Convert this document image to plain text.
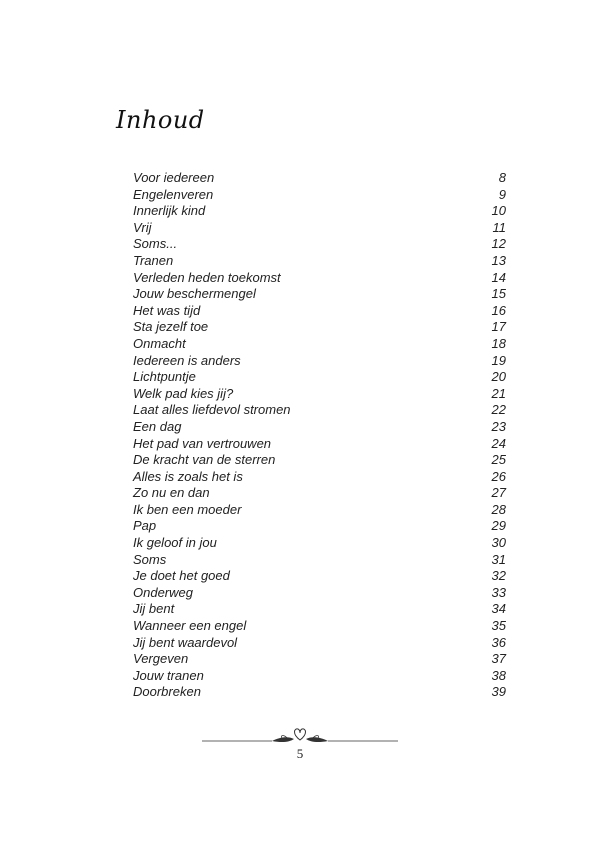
Inhoud
Voor iedereen	8
Engelenveren	9
Innerlijk kind	10
Vrij	11
Soms...	12
Tranen	13
Verleden heden toekomst	14
Jouw beschermengel	15
Het was tijd	16
Sta jezelf toe	17
Onmacht	18
Iedereen is anders	19
Lichtpuntje	20
Welk pad kies jij?	21
Laat alles liefdevol stromen	22
Een dag	23
Het pad van vertrouwen	24
De kracht van de sterren	25
Alles is zoals het is	26
Zo nu en dan	27
Ik ben een moeder	28
Pap	29
Ik geloof in jou	30
Soms	31
Je doet het goed	32
Onderweg	33
Jij bent	34
Wanneer een engel	35
Jij bent waardevol	36
Vergeven	37
Jouw tranen	38
Doorbreken	39
5
